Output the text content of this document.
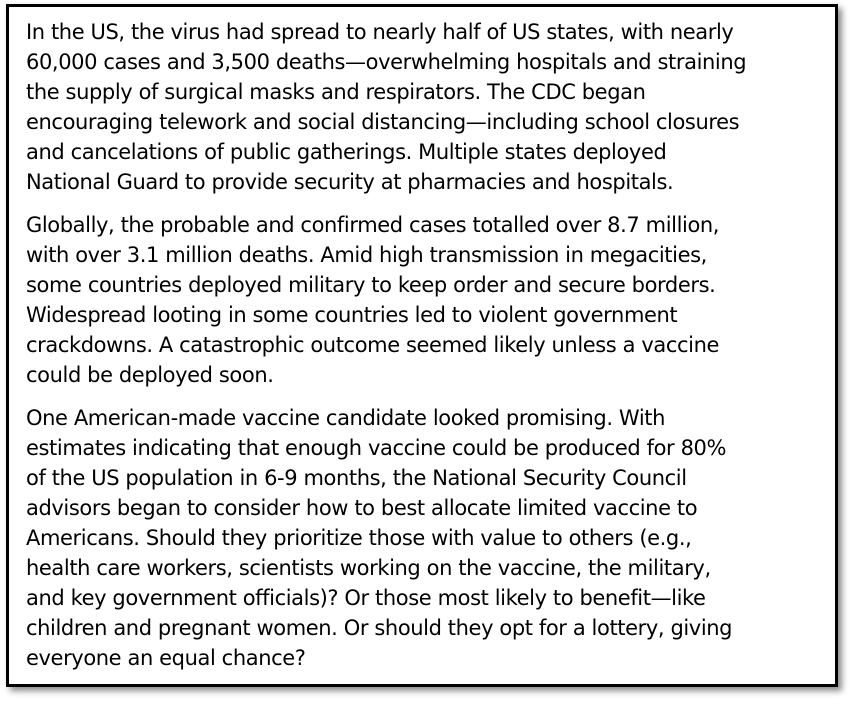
In the US, the virus had spread to nearly half of US states, with nearly
60,000 cases and 3,500 deaths—overwhelming hospitals and straining
the supply of surgical masks and respirators. The CDC began
encouraging telework and social distancing—including school closures
and cancelations of public gatherings. Multiple states deployed
National Guard to provide security at pharmacies and hospitals.

Globally, the probable and confirmed cases totalled over 8.7 million,
with over 3.1 million deaths. Amid high transmission in megacities,
some countries deployed military to keep order and secure borders.
Widespread looting in some countries led to violent government
crackdowns. A catastrophic outcome seemed likely unless a vaccine
could be deployed soon.

One American-made vaccine candidate looked promising. With
estimates indicating that enough vaccine could be produced for 80%
of the US population in 6-9 months, the National Security Council
advisors began to consider how to best allocate limited vaccine to
Americans. Should they prioritize those with value to others (e.g.,
health care workers, scientists working on the vaccine, the military,
and key government officials)? Or those most likely to benefit—like
children and pregnant women. Or should they opt for a lottery, giving
everyone an equal chance?
